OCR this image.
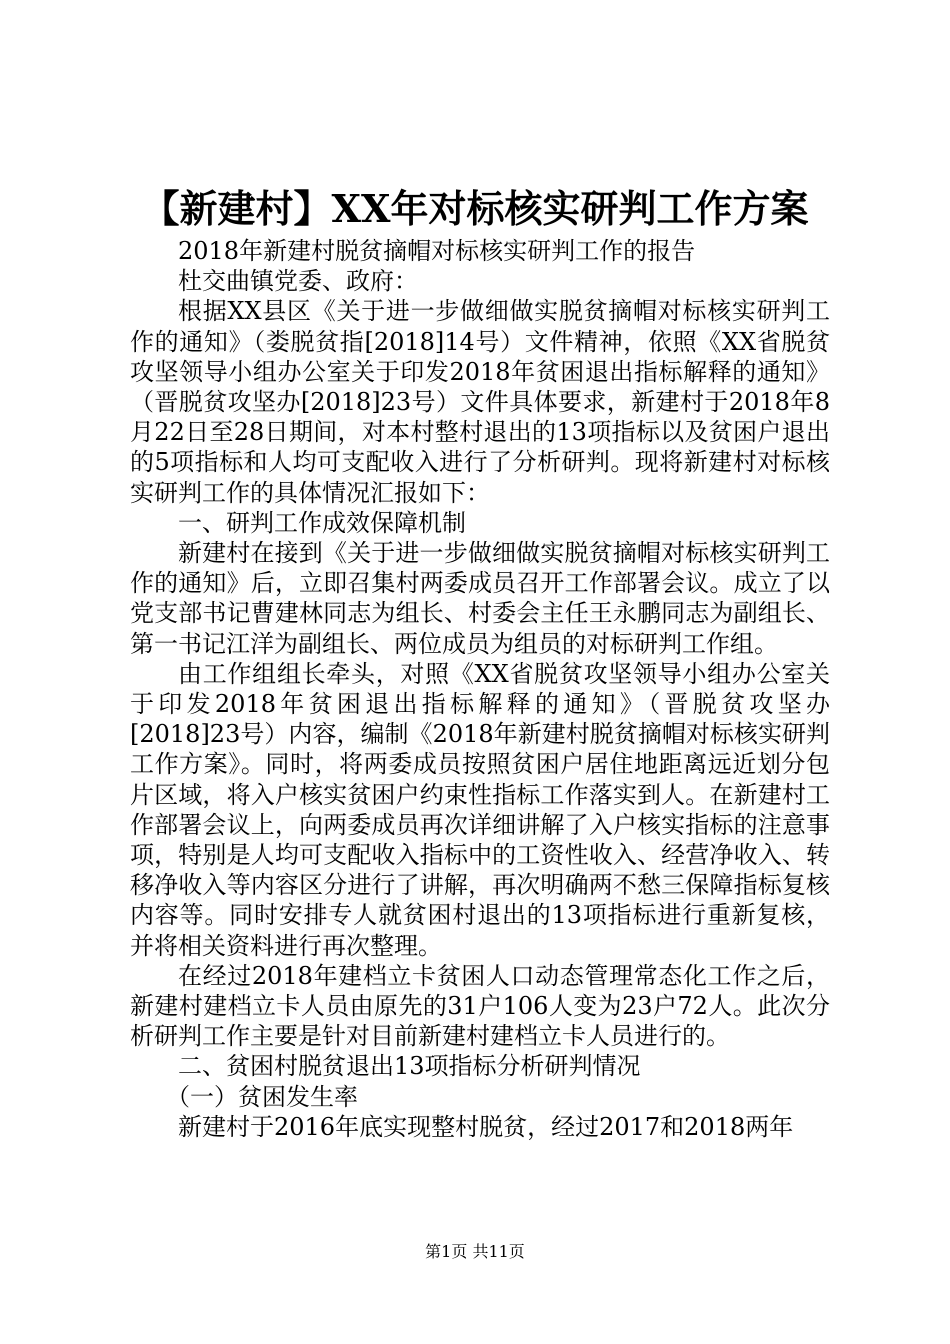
【新建村】XX年对标核实研判工作方案

2018年新建村脱贫摘帽对标核实研判工作的报告

杜交曲镇党委、政府：

根据XX县区《关于进一步做细做实脱贫摘帽对标核实研判工作的通知》（娄脱贫指[2018]14号）文件精神，依照《XX省脱贫攻坚领导小组办公室关于印发2018年贫困退出指标解释的通知》（晋脱贫攻坚办[2018]23号）文件具体要求，新建村于2018年8月22日至28日期间，对本村整村退出的13项指标以及贫困户退出的5项指标和人均可支配收入进行了分析研判。现将新建村对标核实研判工作的具体情况汇报如下：

一、研判工作成效保障机制

新建村在接到《关于进一步做细做实脱贫摘帽对标核实研判工作的通知》后，立即召集村两委成员召开工作部署会议。成立了以党支部书记曹建林同志为组长、村委会主任王永鹏同志为副组长、第一书记江洋为副组长、两位成员为组员的对标研判工作组。

由工作组组长牵头，对照《XX省脱贫攻坚领导小组办公室关于印发2018年贫困退出指标解释的通知》（晋脱贫攻坚办[2018]23号）内容，编制《2018年新建村脱贫摘帽对标核实研判工作方案》。同时，将两委成员按照贫困户居住地距离远近划分包片区域，将入户核实贫困户约束性指标工作落实到人。在新建村工作部署会议上，向两委成员再次详细讲解了入户核实指标的注意事项，特别是人均可支配收入指标中的工资性收入、经营净收入、转移净收入等内容区分进行了讲解，再次明确两不愁三保障指标复核内容等。同时安排专人就贫困村退出的13项指标进行重新复核，并将相关资料进行再次整理。

在经过2018年建档立卡贫困人口动态管理常态化工作之后，新建村建档立卡人员由原先的31户106人变为23户72人。此次分析研判工作主要是针对目前新建村建档立卡人员进行的。

二、贫困村脱贫退出13项指标分析研判情况

（一）贫困发生率

新建村于2016年底实现整村脱贫，经过2017和2018两年

第1页 共11页
